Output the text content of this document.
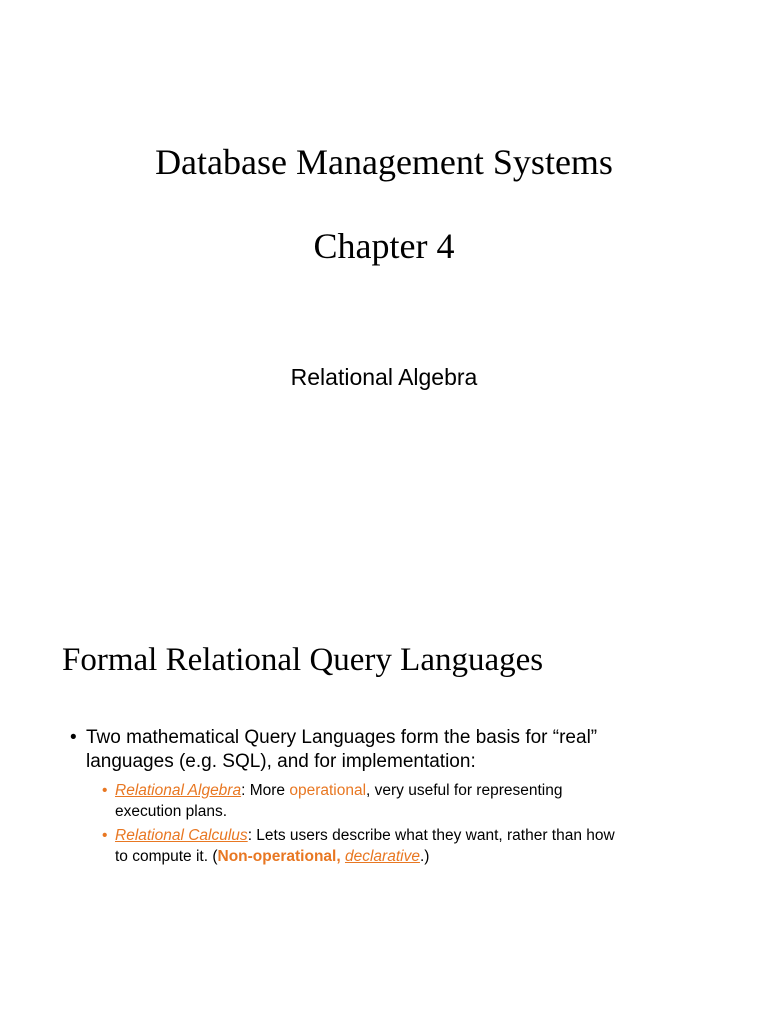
Database Management Systems
Chapter 4
Relational Algebra
Formal Relational Query Languages
• Two mathematical Query Languages form the basis for “real”
languages (e.g. SQL), and for implementation:
• Relational Algebra: More operational, very useful for representing
execution plans.
• Relational Calculus: Lets users describe what they want, rather than how
to compute it. (Non-operational, declarative.)
